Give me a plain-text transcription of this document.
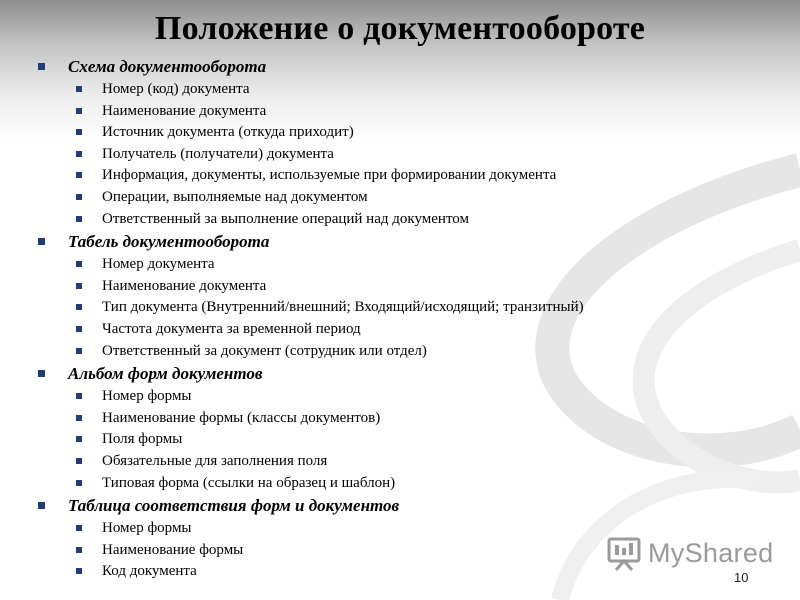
Положение о документообороте
Схема документооборота
Номер (код) документа
Наименование документа
Источник документа (откуда приходит)
Получатель (получатели) документа
Информация, документы, используемые при формировании документа
Операции, выполняемые над документом
Ответственный за выполнение операций над документом
Табель документооборота
Номер документа
Наименование документа
Тип документа (Внутренний/внешний; Входящий/исходящий; транзитный)
Частота документа за временной период
Ответственный за документ (сотрудник или отдел)
Альбом форм документов
Номер формы
Наименование формы (классы документов)
Поля формы
Обязательные для заполнения поля
Типовая форма (ссылки на образец и шаблон)
Таблица соответствия форм и документов
Номер формы
Наименование формы
Код документа
MyShared
10
